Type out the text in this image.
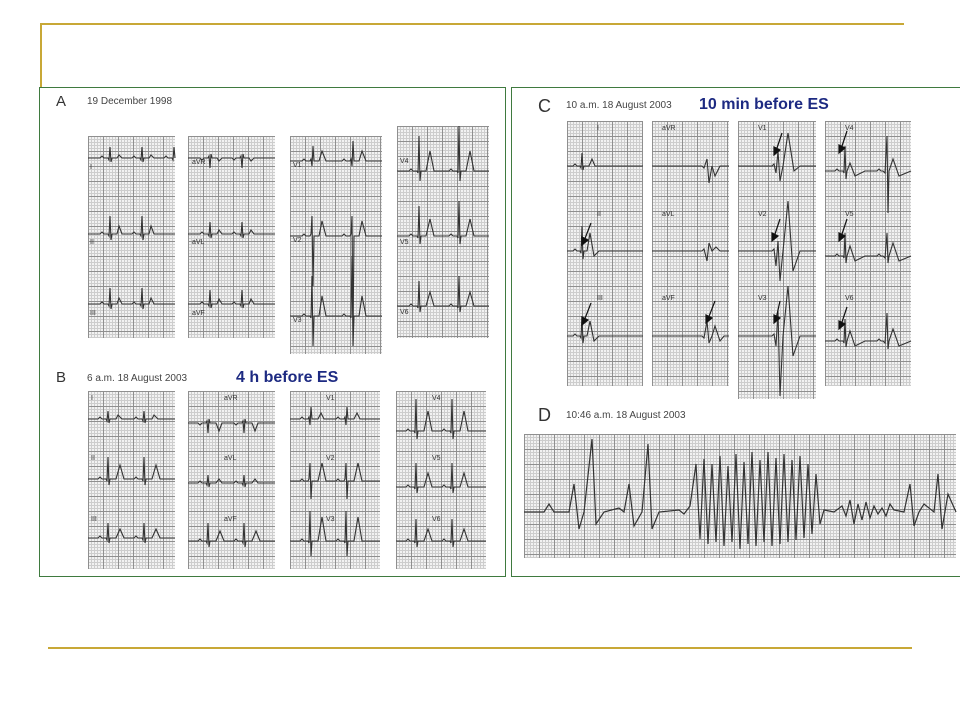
A 19 December 1998
I
II
III
aVR
aVL
aVF
V1
V2
V3
V4
V5
V6
B 6 a.m. 18 August 2003	4 h before ES
I
II
III
aVR
aVL
aVF
V1
V2
V3
V4
V5
V6
C 10 a.m. 18 August 2003 10 min before ES
I
II
III
aVR
aVL
aVF
V1
V2
V3
V4
V5
V6
D 10:46 a.m. 18 August 2003
